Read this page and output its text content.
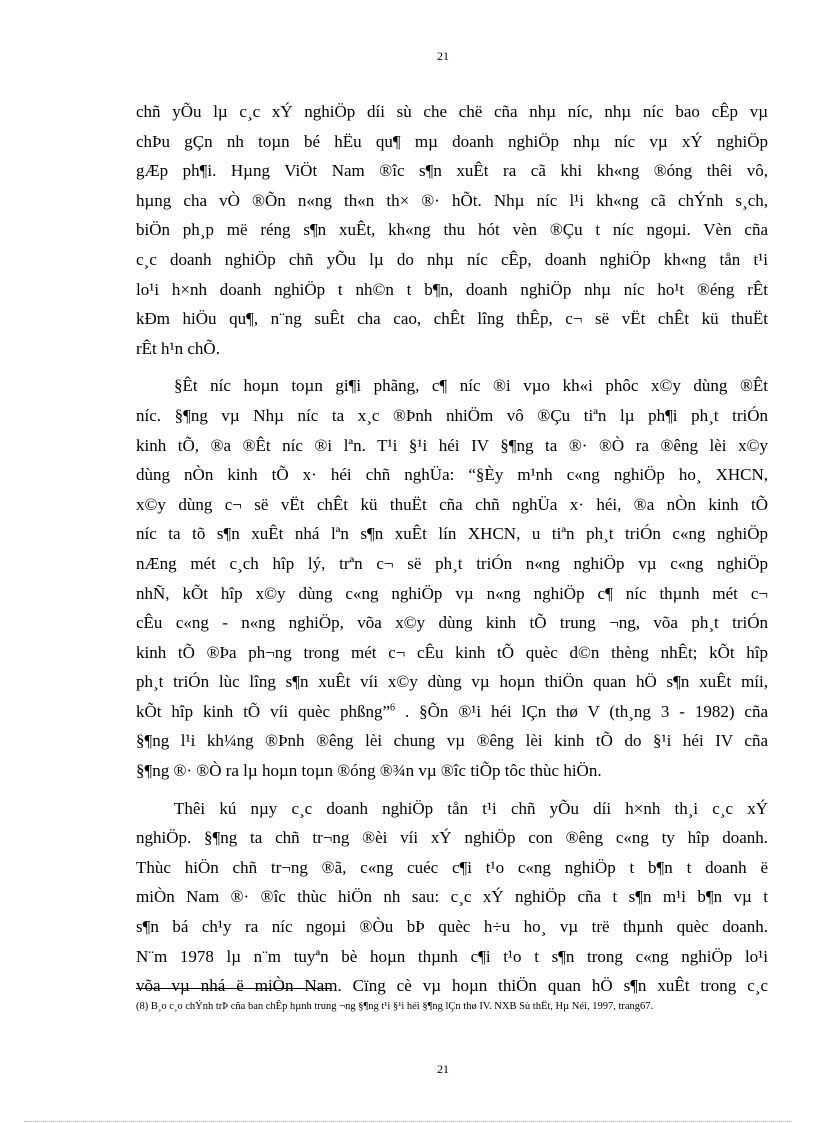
21

chñ yÕu lµ c¸c xÝ nghiÖp díi sù che chë cña nhµ níc, nhµ níc bao cÊp vµ
chÞu gÇn nh toµn bé hËu qu¶ mµ doanh nghiÖp nhµ níc vµ xÝ nghiÖp
gÆp ph¶i. Hµng ViÖt Nam ®îc s¶n xuÊt ra cã khi kh«ng ®óng thêi vô,
hµng cha vÒ ®Õn n«ng th«n th× ®· hÕt. Nhµ níc l¹i kh«ng cã chÝnh s¸ch,
biÖn ph¸p më réng s¶n xuÊt, kh«ng thu hót vèn ®Çu t níc ngoµi. Vèn cña
c¸c doanh nghiÖp chñ yÕu lµ do nhµ níc cÊp, doanh nghiÖp kh«ng tån t¹i
lo¹i h×nh doanh nghiÖp t nh©n t b¶n, doanh nghiÖp nhµ níc ho¹t ®éng rÊt
kÐm hiÖu qu¶, n¨ng suÊt cha cao, chÊt lîng thÊp, c¬ së vËt chÊt kü thuËt
rÊt h¹n chÕ.

§Êt níc hoµn toµn gi¶i phãng, c¶ níc ®i vµo kh«i phôc x©y dùng ®Êt
níc. §¶ng vµ Nhµ níc ta x¸c ®Þnh nhiÖm vô ®Çu tiªn lµ ph¶i ph¸t triÓn
kinh tÕ, ®a ®Êt níc ®i lªn. T¹i §¹i héi IV §¶ng ta ®· ®Ò ra ®êng lèi x©y
dùng nÒn kinh tÕ x· héi chñ nghÜa: “§Èy m¹nh c«ng nghiÖp ho¸ XHCN,
x©y dùng c¬ së vËt chÊt kü thuËt cña chñ nghÜa x· héi, ®a nÒn kinh tÕ
níc ta tõ s¶n xuÊt nhá lªn s¶n xuÊt lín XHCN, u tiªn ph¸t triÓn c«ng nghiÖp
nÆng mét c¸ch hîp lý, trªn c¬ së ph¸t triÓn n«ng nghiÖp vµ c«ng nghiÖp
nhÑ, kÕt hîp x©y dùng c«ng nghiÖp vµ n«ng nghiÖp c¶ níc thµnh mét c¬
cÊu c«ng - n«ng nghiÖp, võa x©y dùng kinh tÕ trung ¬ng, võa ph¸t triÓn
kinh tÕ ®Þa ph¬ng trong mét c¬ cÊu kinh tÕ quèc d©n thèng nhÊt; kÕt hîp
ph¸t triÓn lùc lîng s¶n xuÊt víi x©y dùng vµ hoµn thiÖn quan hÖ s¶n xuÊt míi,
kÕt hîp kinh tÕ víi quèc phßng”$^6$ . §Õn ®¹i héi lÇn thø V (th¸ng 3 - 1982) cña
§¶ng l¹i kh¼ng ®Þnh ®êng lèi chung vµ ®êng lèi kinh tÕ do §¹i héi IV cña
§¶ng ®· ®Ò ra lµ hoµn toµn ®óng ®¾n vµ ®îc tiÕp tôc thùc hiÖn.

Thêi kú nµy c¸c doanh nghiÖp tån t¹i chñ yÕu díi h×nh th¸i c¸c xÝ
nghiÖp. §¶ng ta chñ tr¬ng ®èi víi xÝ nghiÖp con ®êng c«ng ty hîp doanh.
Thùc hiÖn chñ tr¬ng ®ã, c«ng cuéc c¶i t¹o c«ng nghiÖp t b¶n t doanh ë
miÒn Nam ®· ®îc thùc hiÖn nh sau: c¸c xÝ nghiÖp cña t s¶n m¹i b¶n vµ t
s¶n bá ch¹y ra níc ngoµi ®Òu bÞ quèc h÷u ho¸ vµ trë thµnh quèc doanh.
N¨m 1978 lµ n¨m tuyªn bè hoµn thµnh c¶i t¹o t s¶n trong c«ng nghiÖp lo¹i
võa vµ nhá ë miÒn Nam. Cïng cè vµ hoµn thiÖn quan hÖ s¶n xuÊt trong c¸c

(8) B¸o c¸o chÝnh trÞ cña ban chÊp hµnh trung ¬ng §¶ng t¹i §¹i héi §¶ng lÇn thø IV. NXB Sù thËt, Hµ Néi, 1997, trang67.
21
